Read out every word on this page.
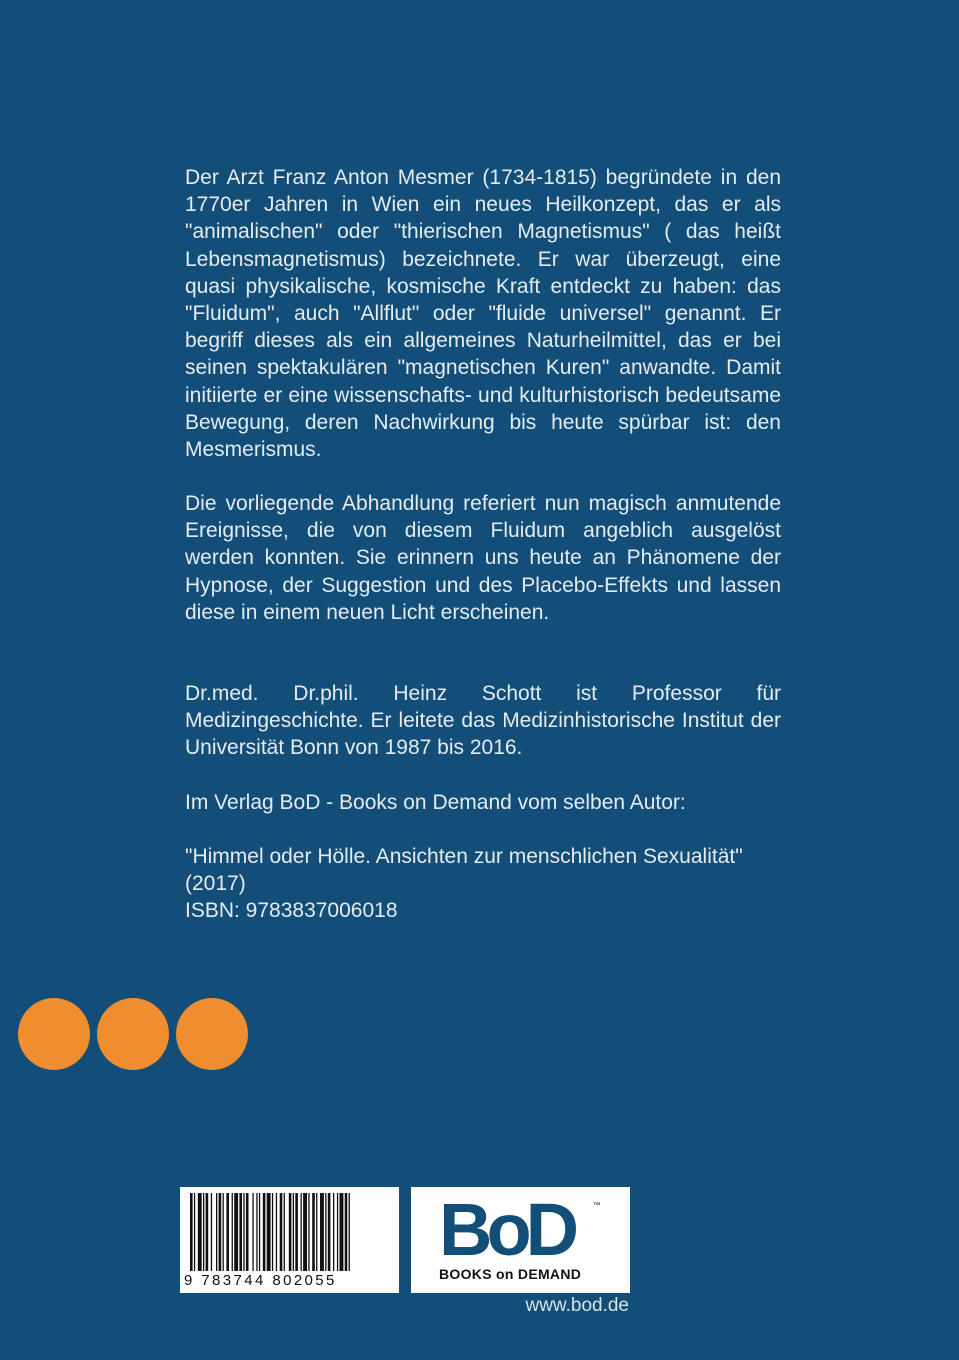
Der Arzt Franz Anton Mesmer (1734-1815) begründete in den 1770er Jahren in Wien ein neues Heilkonzept, das er als "animalischen" oder "thierischen Magnetismus" ( das heißt Lebensmagnetismus) bezeichnete. Er war überzeugt, eine quasi physikalische, kosmische Kraft entdeckt zu haben: das "Fluidum", auch "Allflut" oder "fluide universel" genannt. Er begriff dieses als ein allgemeines Naturheilmittel, das er bei seinen spektakulären "magnetischen Kuren" anwandte. Damit initiierte er eine wissenschafts- und kulturhistorisch bedeutsame Bewegung, deren Nachwirkung bis heute spürbar ist: den Mesmerismus.

Die vorliegende Abhandlung referiert nun magisch anmutende Ereignisse, die von diesem Fluidum angeblich ausgelöst werden konnten. Sie erinnern uns heute an Phänomene der Hypnose, der Suggestion und des Placebo-Effekts und lassen diese in einem neuen Licht erscheinen.

Dr.med. Dr.phil. Heinz Schott ist Professor für Medizingeschichte. Er leitete das Medizinhistorische Institut der Universität Bonn von 1987 bis 2016.

Im Verlag BoD - Books on Demand vom selben Autor:

"Himmel oder Hölle. Ansichten zur menschlichen Sexualität"

(2017)

ISBN: 9783837006018

9 783744 802055
BoD ™
BOOKS on DEMAND
www.bod.de
